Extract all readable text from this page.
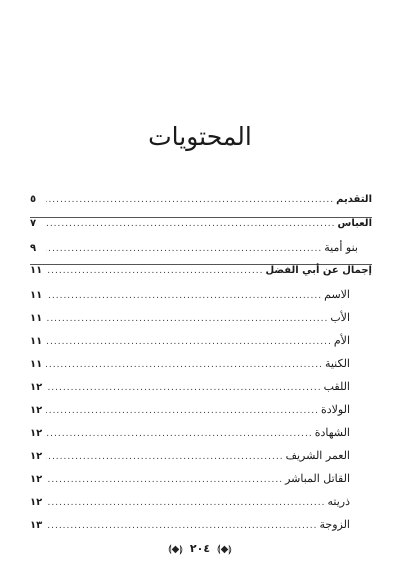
المحتويات
التقديم
.....
٥
العباس
.....
٧
بنو أمية
.....
٩
إجمال عن أبي الفضل
.....
١١
الاسم
.....
١١
الأب
.....
١١
الأم
.....
١١
الكنية
.....
١١
اللقب
.....
١٢
الولادة
.....
١٢
الشهادة
.....
١٢
العمر الشريف
.....
١٢
القاتل المباشر
.....
١٢
ذريته
.....
١٢
الزوجة
.....
١٣
⟬◆⟭ ٢٠٤ ⟬◆⟭
